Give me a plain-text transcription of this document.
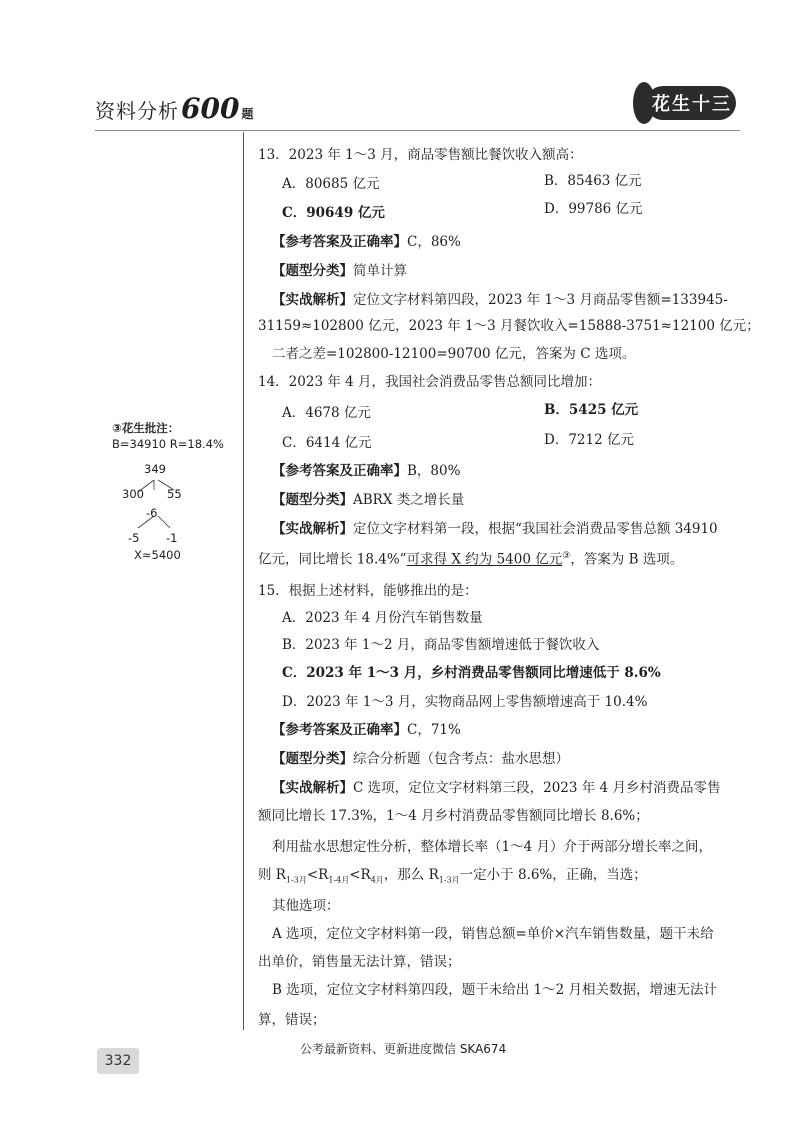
资料分析 600 题	花生十三
13．2023 年 1～3 月，商品零售额比餐饮收入额高：
A．80685 亿元	B．85463 亿元
C．90649 亿元	D．99786 亿元
【参考答案及正确率】C，86%
【题型分类】简单计算
【实战解析】定位文字材料第四段，2023 年 1～3 月商品零售额=133945-
31159≈102800 亿元，2023 年 1～3 月餐饮收入=15888-3751≈12100 亿元；
二者之差=102800-12100=90700 亿元，答案为 C 选项。
14．2023 年 4 月，我国社会消费品零售总额同比增加：
A．4678 亿元	B．5425 亿元
C．6414 亿元	D．7212 亿元
【参考答案及正确率】B，80%
【题型分类】ABRX 类之增长量
【实战解析】定位文字材料第一段，根据“我国社会消费品零售总额 34910
亿元，同比增长 18.4%”可求得 X 约为 5400 亿元③，答案为 B 选项。
15．根据上述材料，能够推出的是：
A．2023 年 4 月份汽车销售数量
B．2023 年 1～2 月，商品零售额增速低于餐饮收入
C．2023 年 1～3 月，乡村消费品零售额同比增速低于 8.6%
D．2023 年 1～3 月，实物商品网上零售额增速高于 10.4%
【参考答案及正确率】C，71%
【题型分类】综合分析题（包含考点：盐水思想）
【实战解析】C 选项，定位文字材料第三段，2023 年 4 月乡村消费品零售
额同比增长 17.3%，1～4 月乡村消费品零售额同比增长 8.6%；
利用盐水思想定性分析，整体增长率（1～4 月）介于两部分增长率之间，
则 $R_{1-3月}<R_{1-4月}<R_{4月}$，那么 $R_{1-3月}$一定小于 8.6%，正确，当选；
其他选项：
A 选项，定位文字材料第一段，销售总额=单价×汽车销售数量，题干未给
出单价，销售量无法计算，错误；
B 选项，定位文字材料第四段，题干未给出 1～2 月相关数据，增速无法计
算，错误；
③花生批注：
B=34910 R=18.4%
349
300 55
-6
-5 -1
X≈5400
332
公考最新资料、更新进度微信 SKA674
